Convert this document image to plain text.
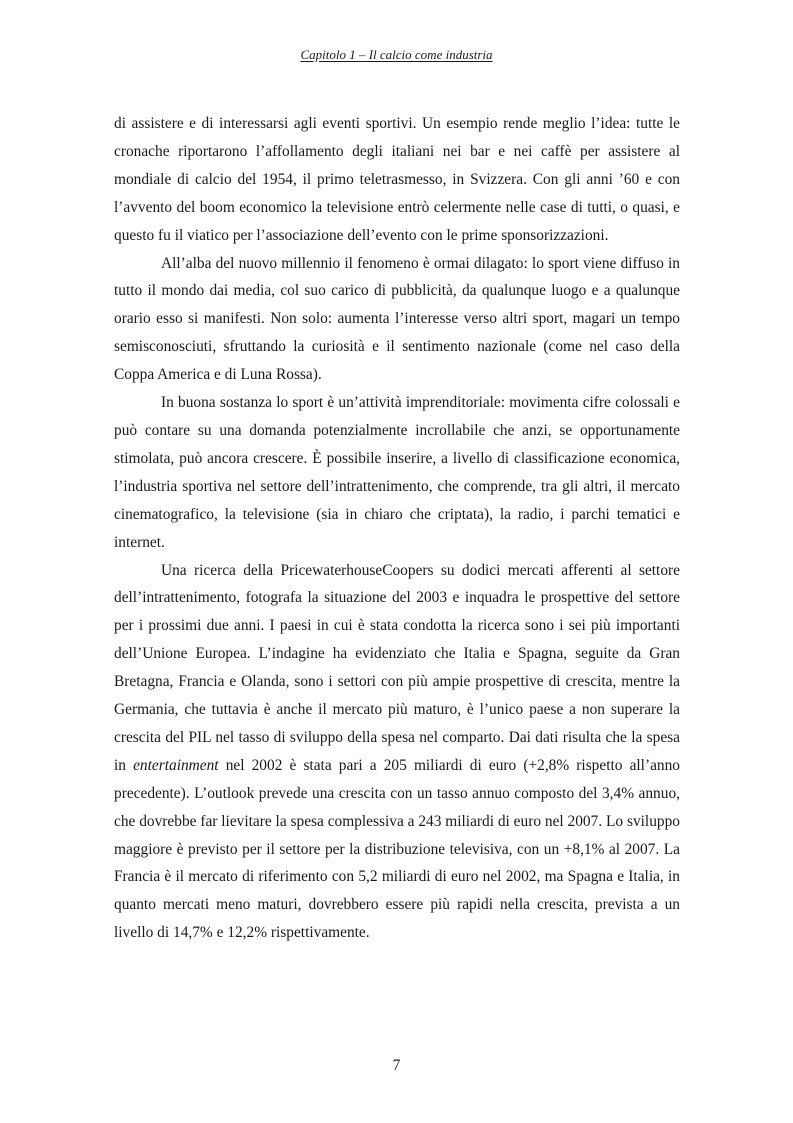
Capitolo 1 – Il calcio come industria

di assistere e di interessarsi agli eventi sportivi. Un esempio rende meglio l’idea: tutte le cronache riportarono l’affollamento degli italiani nei bar e nei caffè per assistere al mondiale di calcio del 1954, il primo teletrasmesso, in Svizzera. Con gli anni ’60 e con l’avvento del boom economico la televisione entrò celermente nelle case di tutti, o quasi, e questo fu il viatico per l’associazione dell’evento con le prime sponsorizzazioni.

All’alba del nuovo millennio il fenomeno è ormai dilagato: lo sport viene diffuso in tutto il mondo dai media, col suo carico di pubblicità, da qualunque luogo e a qualunque orario esso si manifesti. Non solo: aumenta l’interesse verso altri sport, magari un tempo semisconosciuti, sfruttando la curiosità e il sentimento nazionale (come nel caso della Coppa America e di Luna Rossa).

In buona sostanza lo sport è un’attività imprenditoriale: movimenta cifre colossali e può contare su una domanda potenzialmente incrollabile che anzi, se opportunamente stimolata, può ancora crescere. È possibile inserire, a livello di classificazione economica, l’industria sportiva nel settore dell’intrattenimento, che comprende, tra gli altri, il mercato cinematografico, la televisione (sia in chiaro che criptata), la radio, i parchi tematici e internet.

Una ricerca della PricewaterhouseCoopers su dodici mercati afferenti al settore dell’intrattenimento, fotografa la situazione del 2003 e inquadra le prospettive del settore per i prossimi due anni. I paesi in cui è stata condotta la ricerca sono i sei più importanti dell’Unione Europea. L’indagine ha evidenziato che Italia e Spagna, seguite da Gran Bretagna, Francia e Olanda, sono i settori con più ampie prospettive di crescita, mentre la Germania, che tuttavia è anche il mercato più maturo, è l’unico paese a non superare la crescita del PIL nel tasso di sviluppo della spesa nel comparto. Dai dati risulta che la spesa in entertainment nel 2002 è stata pari a 205 miliardi di euro (+2,8% rispetto all’anno precedente). L’outlook prevede una crescita con un tasso annuo composto del 3,4% annuo, che dovrebbe far lievitare la spesa complessiva a 243 miliardi di euro nel 2007. Lo sviluppo maggiore è previsto per il settore per la distribuzione televisiva, con un +8,1% al 2007. La Francia è il mercato di riferimento con 5,2 miliardi di euro nel 2002, ma Spagna e Italia, in quanto mercati meno maturi, dovrebbero essere più rapidi nella crescita, prevista a un livello di 14,7% e 12,2% rispettivamente.

7
